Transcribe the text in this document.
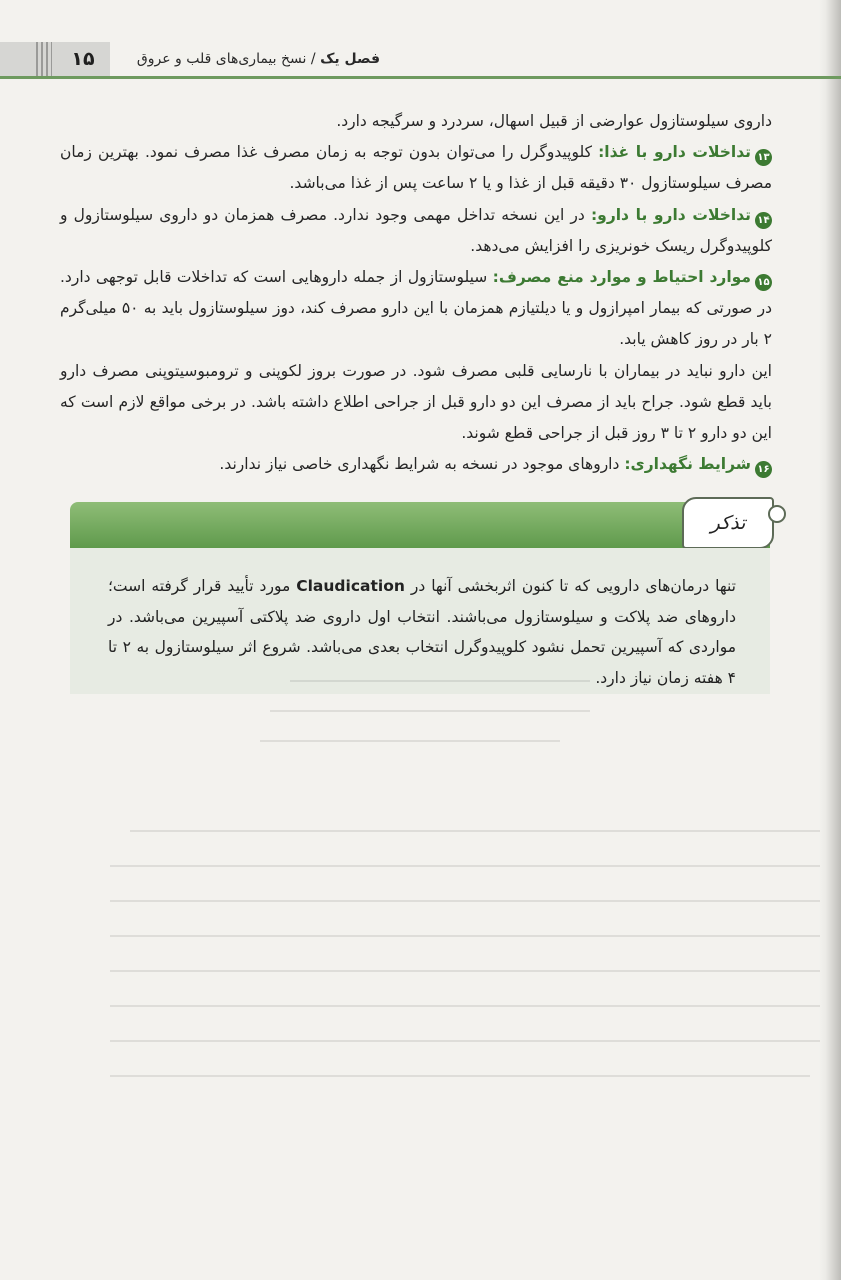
۱۵	فصل یک / نسخ بیماری‌های قلب و عروق

داروی سیلوستازول عوارضی از قبیل اسهال، سردرد و سرگیجه دارد.

۱۳تداخلات دارو با غذا: کلوپیدوگرل را می‌توان بدون توجه به زمان مصرف غذا مصرف نمود. بهترین زمان مصرف سیلوستازول ۳۰ دقیقه قبل از غذا و یا ۲ ساعت پس از غذا می‌باشد.

۱۴تداخلات دارو با دارو: در این نسخه تداخل مهمی وجود ندارد. مصرف همزمان دو داروی سیلوستازول و کلوپیدوگرل ریسک خونریزی را افزایش می‌دهد.

۱۵موارد احتیاط و موارد منع مصرف: سیلوستازول از جمله داروهایی است که تداخلات قابل توجهی دارد. در صورتی که بیمار امپرازول و یا دیلتیازم همزمان با این دارو مصرف کند، دوز سیلوستازول باید به ۵۰ میلی‌گرم ۲ بار در روز کاهش یابد.

این دارو نباید در بیماران با نارسایی قلبی مصرف شود. در صورت بروز لکوپنی و ترومبوسیتوپنی مصرف دارو باید قطع شود. جراح باید از مصرف این دو دارو قبل از جراحی اطلاع داشته باشد. در برخی مواقع لازم است که این دو دارو ۲ تا ۳ روز قبل از جراحی قطع شوند.

۱۶شرایط نگهداری: داروهای موجود در نسخه به شرایط نگهداری خاصی نیاز ندارند.

تذکر
تنها درمان‌های دارویی که تا کنون اثربخشی آنها در Claudication مورد تأیید قرار گرفته است؛ داروهای ضد پلاکت و سیلوستازول می‌باشند. انتخاب اول داروی ضد پلاکتی آسپیرین می‌باشد. در مواردی که آسپیرین تحمل نشود کلوپیدوگرل انتخاب بعدی می‌باشد. شروع اثر سیلوستازول به ۲ تا ۴ هفته زمان نیاز دارد.
